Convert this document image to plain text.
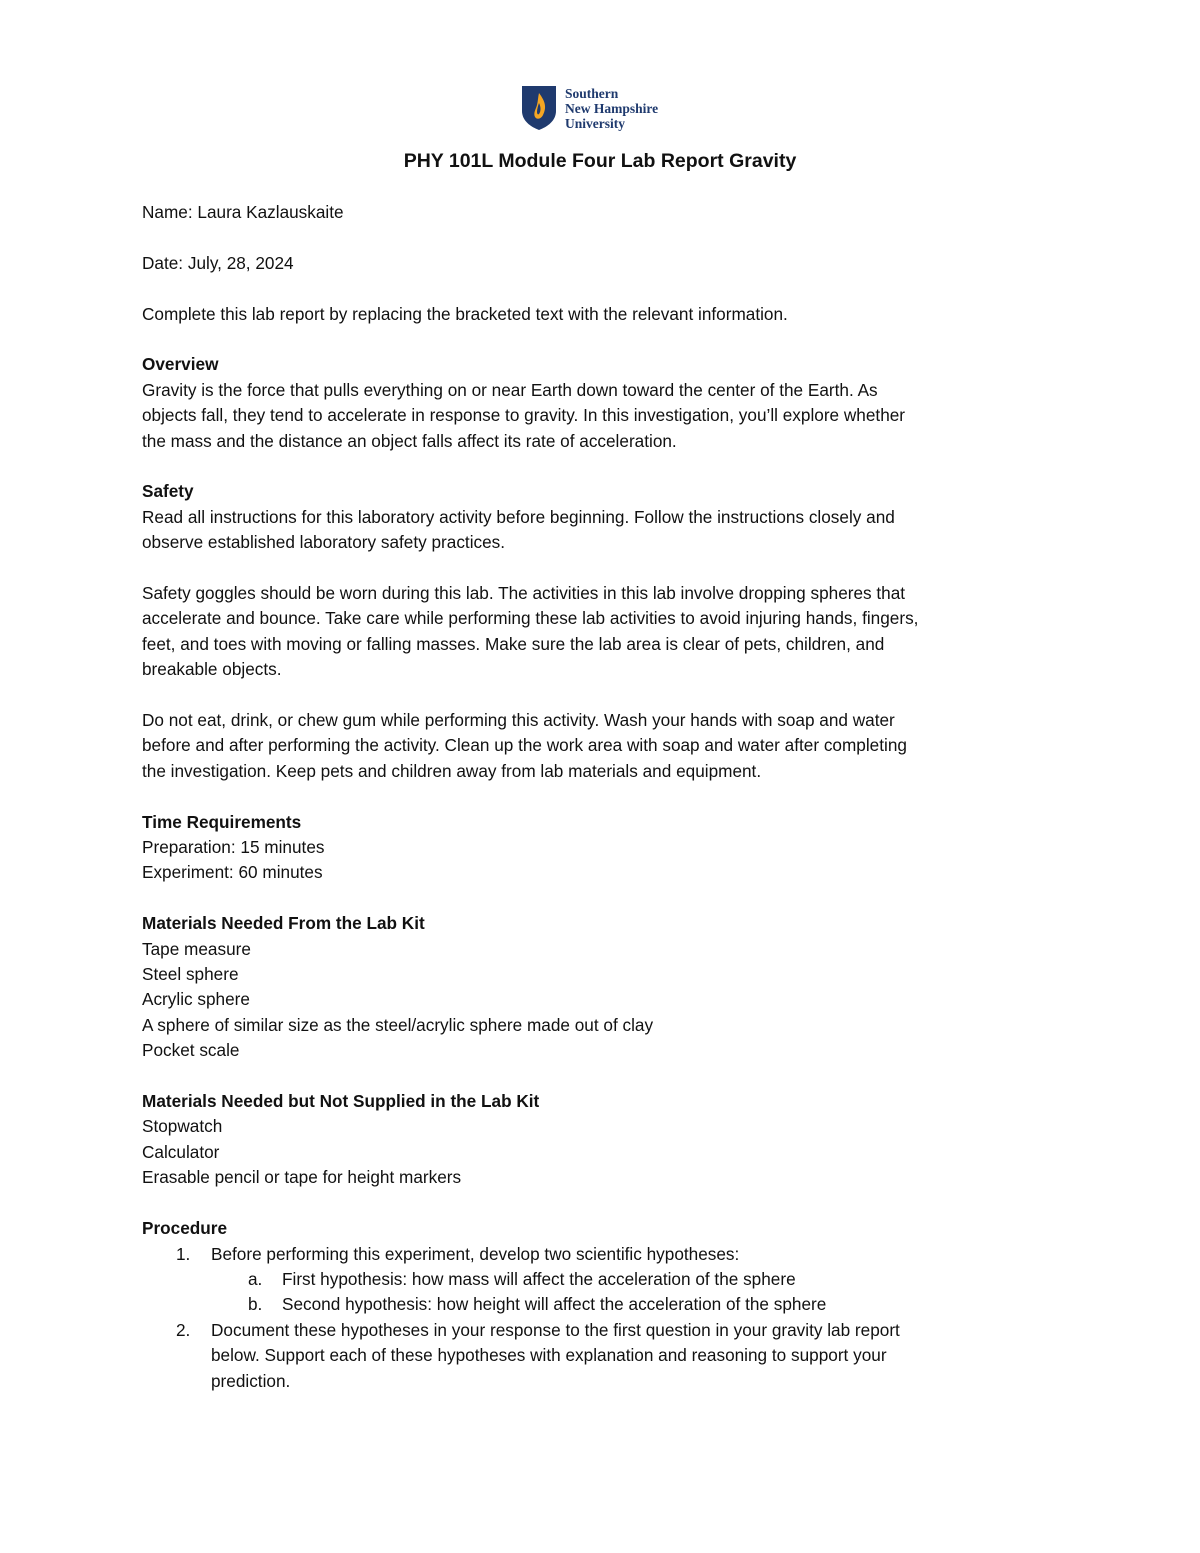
Southern
New Hampshire
University
PHY 101L Module Four Lab Report Gravity
Name: Laura Kazlauskaite
Date: July, 28, 2024
Complete this lab report by replacing the bracketed text with the relevant information.
Overview
Gravity is the force that pulls everything on or near Earth down toward the center of the Earth. As
objects fall, they tend to accelerate in response to gravity. In this investigation, you’ll explore whether
the mass and the distance an object falls affect its rate of acceleration.
Safety
Read all instructions for this laboratory activity before beginning. Follow the instructions closely and
observe established laboratory safety practices.
Safety goggles should be worn during this lab. The activities in this lab involve dropping spheres that
accelerate and bounce. Take care while performing these lab activities to avoid injuring hands, fingers,
feet, and toes with moving or falling masses. Make sure the lab area is clear of pets, children, and
breakable objects.
Do not eat, drink, or chew gum while performing this activity. Wash your hands with soap and water
before and after performing the activity. Clean up the work area with soap and water after completing
the investigation. Keep pets and children away from lab materials and equipment.
Time Requirements
Preparation: 15 minutes
Experiment: 60 minutes
Materials Needed From the Lab Kit
Tape measure
Steel sphere
Acrylic sphere
A sphere of similar size as the steel/acrylic sphere made out of clay
Pocket scale
Materials Needed but Not Supplied in the Lab Kit
Stopwatch
Calculator
Erasable pencil or tape for height markers
Procedure
1. Before performing this experiment, develop two scientific hypotheses:
a. First hypothesis: how mass will affect the acceleration of the sphere
b. Second hypothesis: how height will affect the acceleration of the sphere
2. Document these hypotheses in your response to the first question in your gravity lab report
below. Support each of these hypotheses with explanation and reasoning to support your
prediction.
